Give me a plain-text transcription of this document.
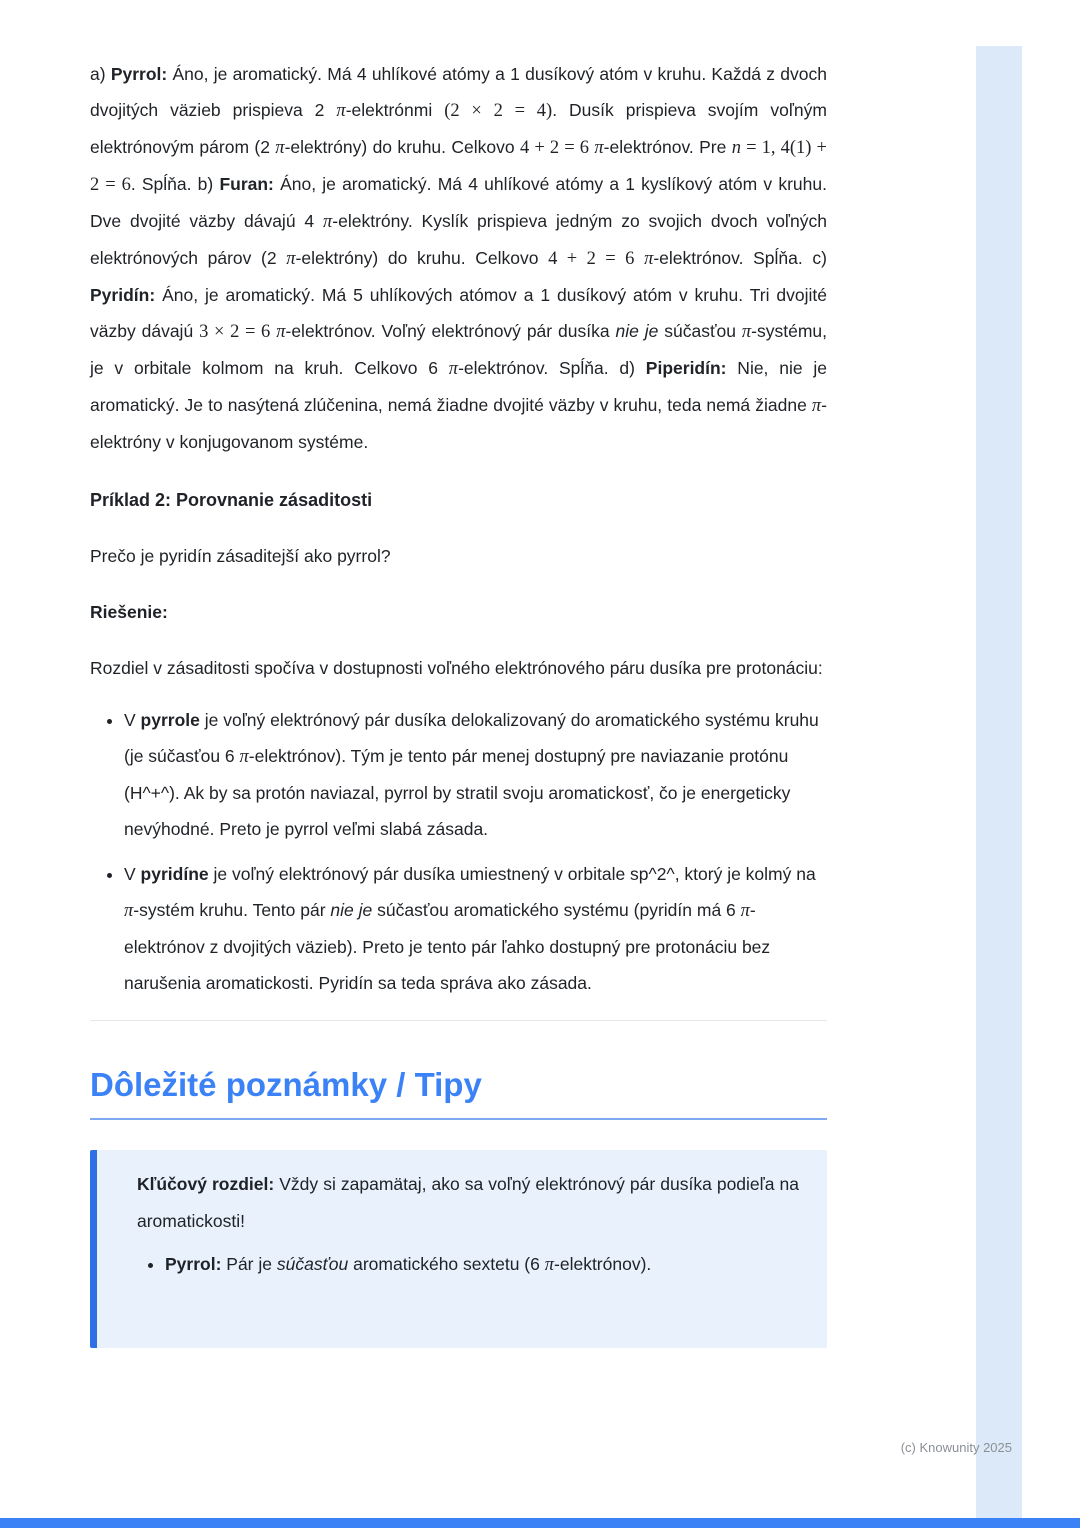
a) Pyrrol: Áno, je aromatický. Má 4 uhlíkové atómy a 1 dusíkový atóm v kruhu. Každá z dvoch dvojitých väzieb prispieva 2 π-elektrónmi (2 × 2 = 4). Dusík prispieva svojím voľným elektrónovým párom (2 π-elektróny) do kruhu. Celkovo 4 + 2 = 6 π-elektrónov. Pre n = 1, 4(1) + 2 = 6. Spĺňa. b) Furan: Áno, je aromatický. Má 4 uhlíkové atómy a 1 kyslíkový atóm v kruhu. Dve dvojité väzby dávajú 4 π-elektróny. Kyslík prispieva jedným zo svojich dvoch voľných elektrónových párov (2 π-elektróny) do kruhu. Celkovo 4 + 2 = 6 π-elektrónov. Spĺňa. c) Pyridín: Áno, je aromatický. Má 5 uhlíkových atómov a 1 dusíkový atóm v kruhu. Tri dvojité väzby dávajú 3 × 2 = 6 π-elektrónov. Voľný elektrónový pár dusíka nie je súčasťou π-systému, je v orbitale kolmom na kruh. Celkovo 6 π-elektrónov. Spĺňa. d) Piperidín: Nie, nie je aromatický. Je to nasýtená zlúčenina, nemá žiadne dvojité väzby v kruhu, teda nemá žiadne π-elektróny v konjugovanom systéme.

Príklad 2: Porovnanie zásaditosti

Prečo je pyridín zásaditejší ako pyrrol?

Riešenie:

Rozdiel v zásaditosti spočíva v dostupnosti voľného elektrónového páru dusíka pre protonáciu:

• V pyrrole je voľný elektrónový pár dusíka delokalizovaný do aromatického systému kruhu (je súčasťou 6 π-elektrónov). Tým je tento pár menej dostupný pre naviazanie protónu (H^+^). Ak by sa protón naviazal, pyrrol by stratil svoju aromatickosť, čo je energeticky nevýhodné. Preto je pyrrol veľmi slabá zásada.
• V pyridíne je voľný elektrónový pár dusíka umiestnený v orbitale sp^2^, ktorý je kolmý na π-systém kruhu. Tento pár nie je súčasťou aromatického systému (pyridín má 6 π-elektrónov z dvojitých väzieb). Preto je tento pár ľahko dostupný pre protonáciu bez narušenia aromatickosti. Pyridín sa teda správa ako zásada.
Dôležité poznámky / Tipy

Kľúčový rozdiel: Vždy si zapamätaj, ako sa voľný elektrónový pár dusíka podieľa na aromatickosti!

• Pyrrol: Pár je súčasťou aromatického sextetu (6 π-elektrónov).
(c) Knowunity 2025
